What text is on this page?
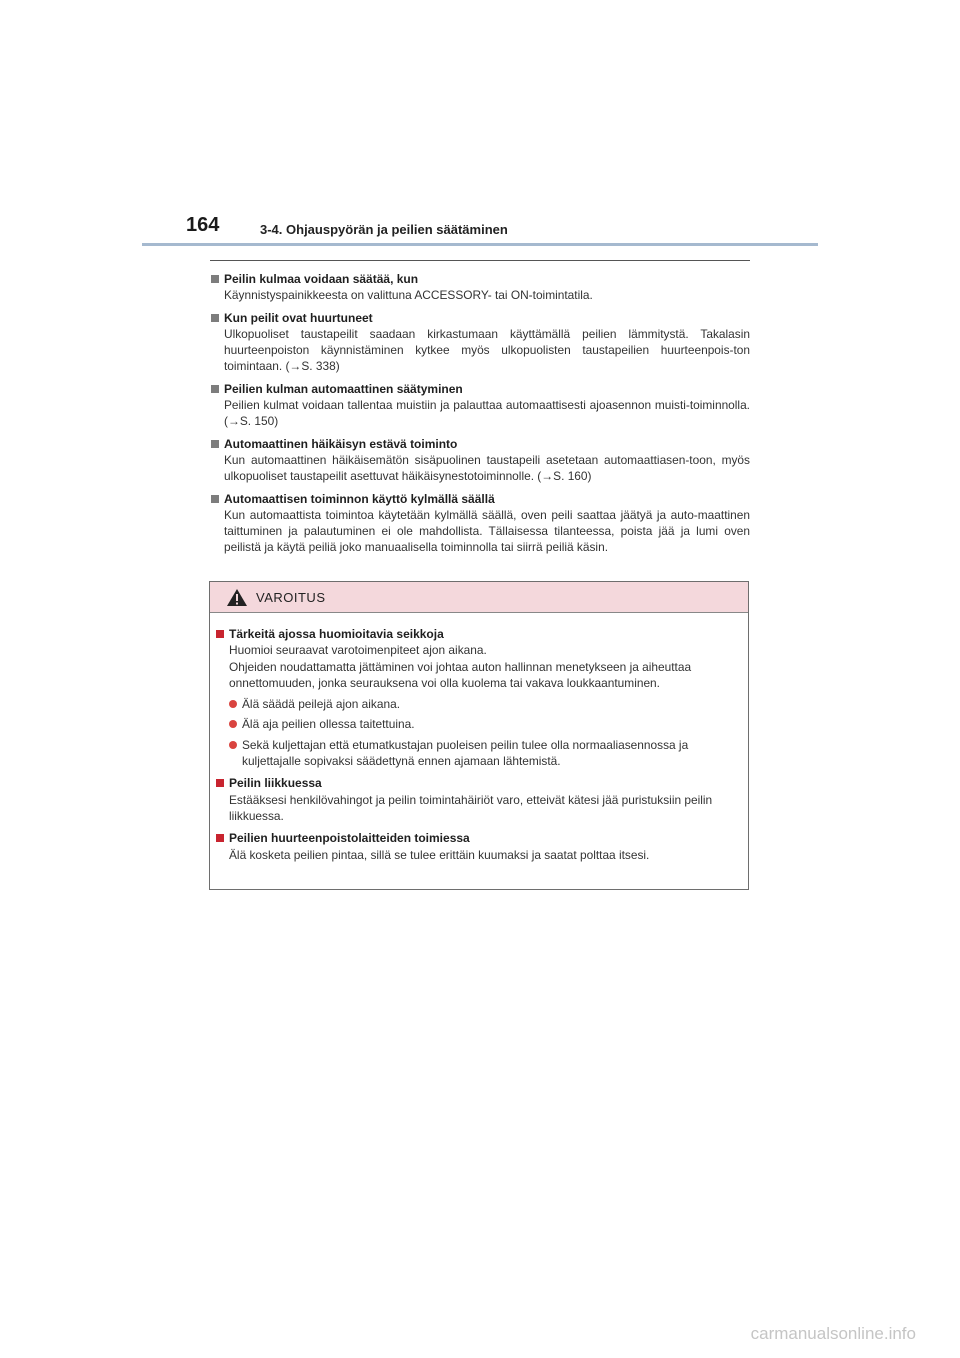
164	3-4. Ohjauspyörän ja peilien säätäminen
Peilin kulmaa voidaan säätää, kun
Käynnistyspainikkeesta on valittuna ACCESSORY- tai ON-toimintatila.
Kun peilit ovat huurtuneet
Ulkopuoliset taustapeilit saadaan kirkastumaan käyttämällä peilien lämmitystä. Takalasin huurteenpoiston käynnistäminen kytkee myös ulkopuolisten taustapeilien huurteenpois-ton toimintaan. (→S. 338)
Peilien kulman automaattinen säätyminen
Peilien kulmat voidaan tallentaa muistiin ja palauttaa automaattisesti ajoasennon muisti-toiminnolla. (→S. 150)
Automaattinen häikäisyn estävä toiminto
Kun automaattinen häikäisemätön sisäpuolinen taustapeili asetetaan automaattiasen-toon, myös ulkopuoliset taustapeilit asettuvat häikäisynestotoiminnolle. (→S. 160)
Automaattisen toiminnon käyttö kylmällä säällä
Kun automaattista toimintoa käytetään kylmällä säällä, oven peili saattaa jäätyä ja auto-maattinen taittuminen ja palautuminen ei ole mahdollista. Tällaisessa tilanteessa, poista jää ja lumi oven peilistä ja käytä peiliä joko manuaalisella toiminnolla tai siirrä peiliä käsin.
VAROITUS
Tärkeitä ajossa huomioitavia seikkoja
Huomioi seuraavat varotoimenpiteet ajon aikana.
Ohjeiden noudattamatta jättäminen voi johtaa auton hallinnan menetykseen ja aiheuttaa onnettomuuden, jonka seurauksena voi olla kuolema tai vakava loukkaantuminen.
Älä säädä peilejä ajon aikana.
Älä aja peilien ollessa taitettuina.
Sekä kuljettajan että etumatkustajan puoleisen peilin tulee olla normaaliasennossa ja kuljettajalle sopivaksi säädettynä ennen ajamaan lähtemistä.
Peilin liikkuessa
Estääksesi henkilövahingot ja peilin toimintahäiriöt varo, etteivät kätesi jää puristuksiin peilin liikkuessa.
Peilien huurteenpoistolaitteiden toimiessa
Älä kosketa peilien pintaa, sillä se tulee erittäin kuumaksi ja saatat polttaa itsesi.
carmanualsonline.info
